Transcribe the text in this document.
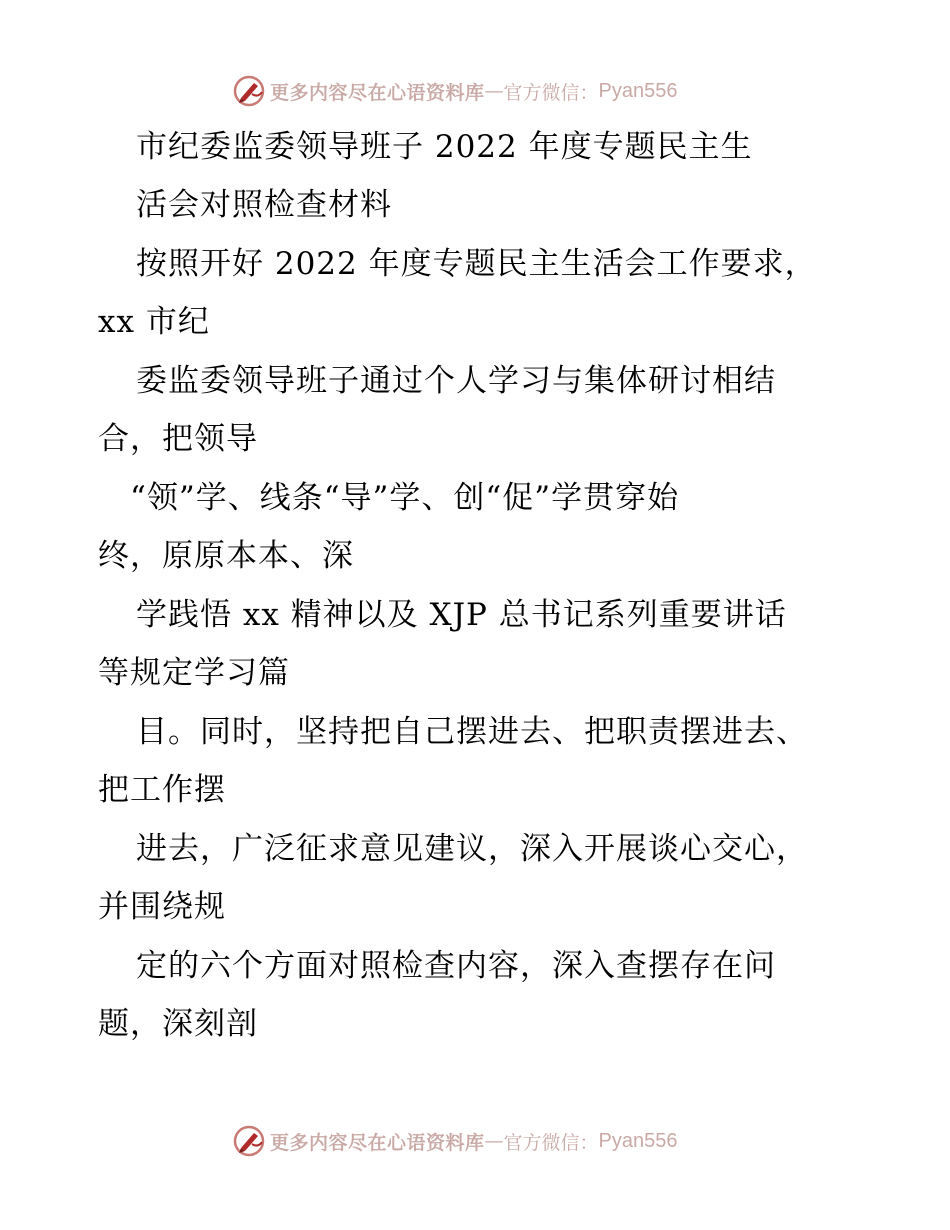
更多内容尽在心语资料库 — 官方微信： Pyan556
市纪委监委领导班子 2022 年度专题民主生
活会对照检查材料
按照开好 2022 年度专题民主生活会工作要求，
xx 市纪
委监委领导班子通过个人学习与集体研讨相结
合，把领导
“领”学、线条“导”学、创“促”学贯穿始
终，原原本本、深
学践悟 xx 精神以及 XJP 总书记系列重要讲话
等规定学习篇
目。同时，坚持把自己摆进去、把职责摆进去、
把工作摆
进去，广泛征求意见建议，深入开展谈心交心，
并围绕规
定的六个方面对照检查内容，深入查摆存在问
题，深刻剖
更多内容尽在心语资料库 — 官方微信： Pyan556
